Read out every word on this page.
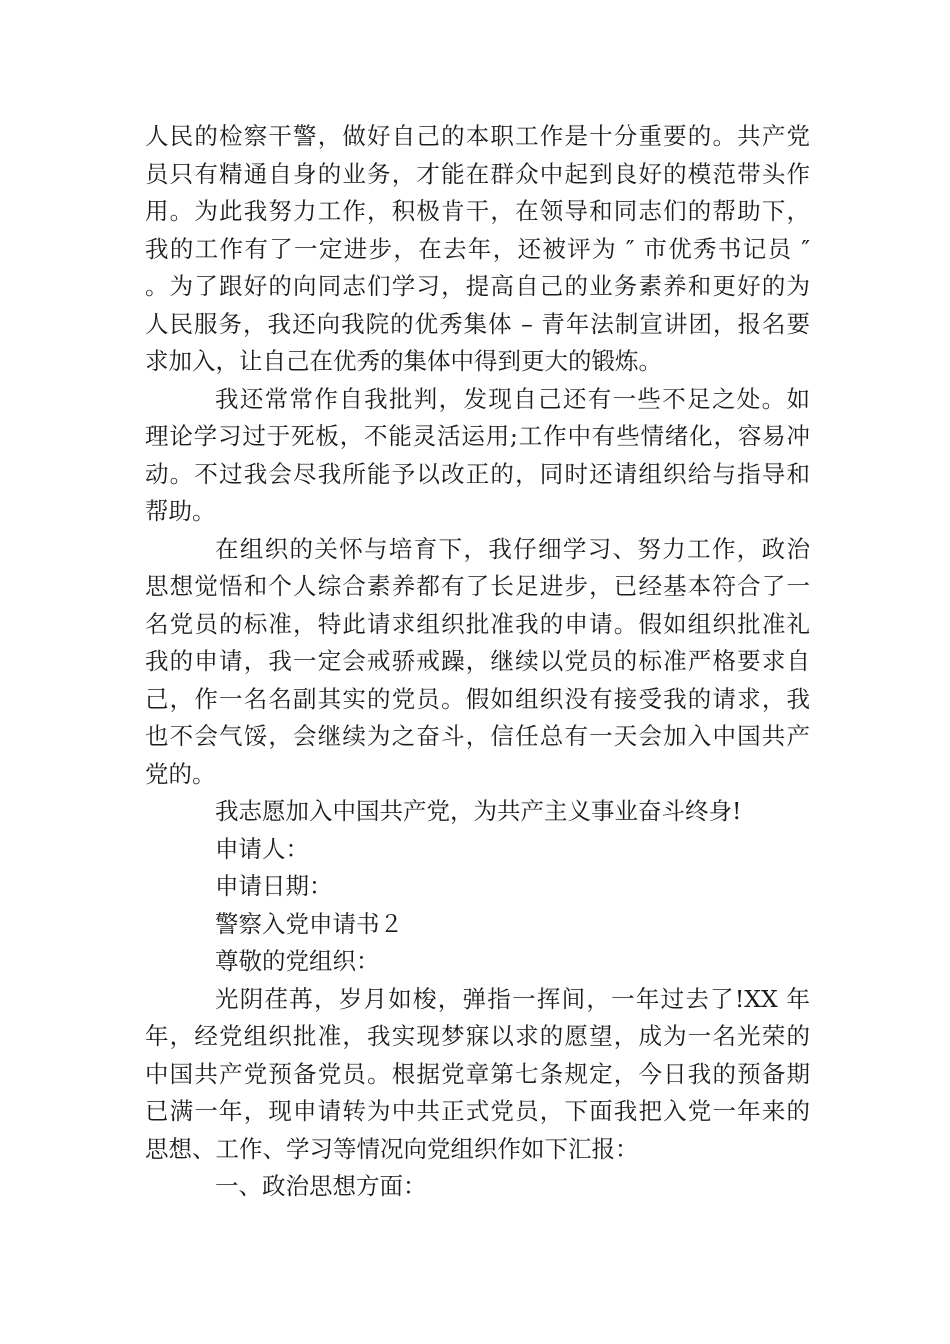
人民的检察干警，做好自己的本职工作是十分重要的。共产党
员只有精通自身的业务，才能在群众中起到良好的模范带头作
用。为此我努力工作，积极肯干，在领导和同志们的帮助下，
我的工作有了一定进步，在去年，还被评为 ″ 市优秀书记员 ″
。为了跟好的向同志们学习，提高自己的业务素养和更好的为
人民服务，我还向我院的优秀集体 – 青年法制宣讲团，报名要
求加入，让自己在优秀的集体中得到更大的锻炼。
我还常常作自我批判，发现自己还有一些不足之处。如
理论学习过于死板，不能灵活运用;工作中有些情绪化，容易冲
动。不过我会尽我所能予以改正的，同时还请组织给与指导和
帮助。
在组织的关怀与培育下，我仔细学习、努力工作，政治
思想觉悟和个人综合素养都有了长足进步，已经基本符合了一
名党员的标准，特此请求组织批准我的申请。假如组织批准礼
我的申请，我一定会戒骄戒躁，继续以党员的标准严格要求自
己，作一名名副其实的党员。假如组织没有接受我的请求，我
也不会气馁，会继续为之奋斗，信任总有一天会加入中国共产
党的。
我志愿加入中国共产党，为共产主义事业奋斗终身!
申请人：
申请日期：
警察入党申请书２
尊敬的党组织：
光阴荏苒，岁月如梭，弹指一挥间，一年过去了!XX 年
年，经党组织批准，我实现梦寐以求的愿望，成为一名光荣的
中国共产党预备党员。根据党章第七条规定，今日我的预备期
已满一年，现申请转为中共正式党员，下面我把入党一年来的
思想、工作、学习等情况向党组织作如下汇报：
一、政治思想方面：
